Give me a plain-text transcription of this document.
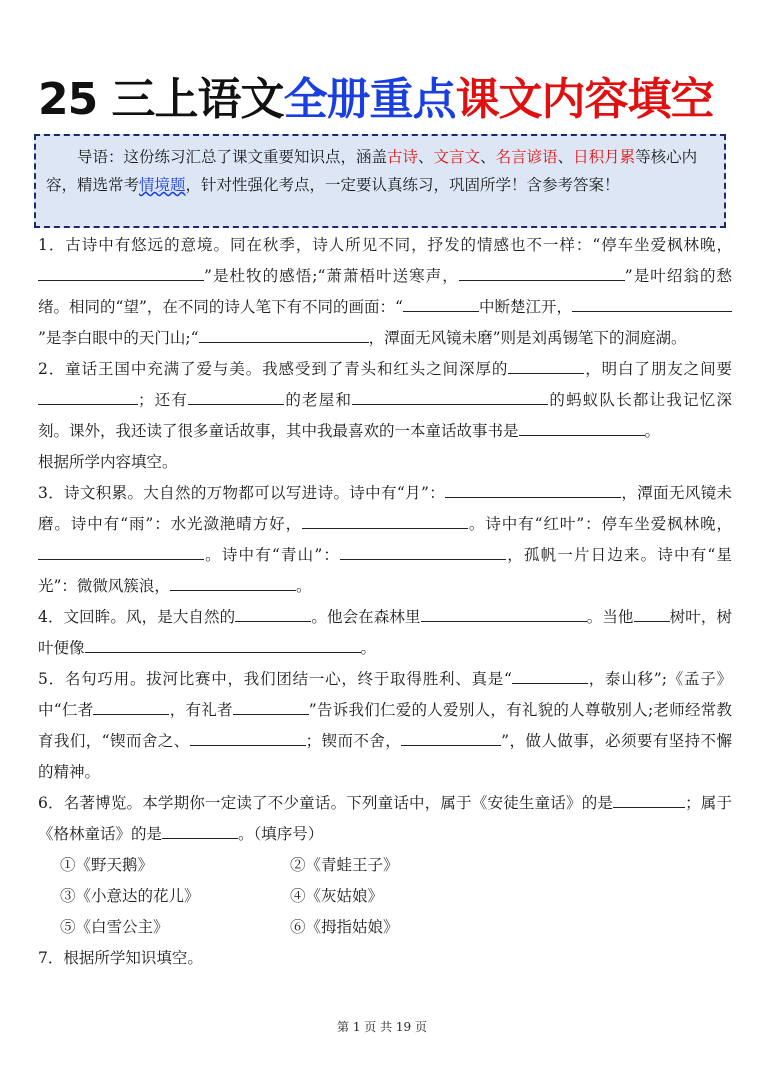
25 三上语文全册重点课文内容填空
导语：这份练习汇总了课文重要知识点，涵盖古诗、文言文、名言谚语、日积月累等核心内容，精选常考情境题，针对性强化考点，一定要认真练习，巩固所学！含参考答案！

1．古诗中有悠远的意境。同在秋季，诗人所见不同，抒发的情感也不一样：“停车坐爱枫林晚，”是杜牧的感悟;“萧萧梧叶送寒声，	”是叶绍翁的愁绪。相同的“望”，在不同的诗人笔下有不同的画面：“	中断楚江开，”是李白眼中的天门山;“	，潭面无风镜未磨”则是刘禹锡笔下的洞庭湖。

2．童话王国中充满了爱与美。我感受到了青头和红头之间深厚的	，明白了朋友之间要；还有	的老屋和	的蚂蚁队长都让我记忆深刻。课外，我还读了很多童话故事，其中我最喜欢的一本童话故事书是	。

根据所学内容填空。

3．诗文积累。大自然的万物都可以写进诗。诗中有“月”：	，潭面无风镜未磨。诗中有“雨”：水光潋滟晴方好，	。诗中有“红叶”：停车坐爱枫林晚，。诗中有“青山”：	，孤帆一片日边来。诗中有“星光”：微微风簇浪，	。

4．文回眸。风，是大自然的	。他会在森林里	。当他 树叶，树叶便像	。

5．名句巧用。拔河比赛中，我们团结一心，终于取得胜利、真是“	，泰山移”;《孟子》中“仁者	，有礼者	”告诉我们仁爱的人爱别人，有礼貌的人尊敬别人;老师经常教育我们，“锲而舍之、	；锲而不舍，	”，做人做事，必须要有坚持不懈的精神。

6．名著博览。本学期你一定读了不少童话。下列童话中，属于《安徒生童话》的是	；属于《格林童话》的是	。（填序号）

①《野天鹅》	②《青蛙王子》
③《小意达的花儿》	④《灰姑娘》
⑤《白雪公主》	⑥《拇指姑娘》

7．根据所学知识填空。

第 1 页 共 19 页
